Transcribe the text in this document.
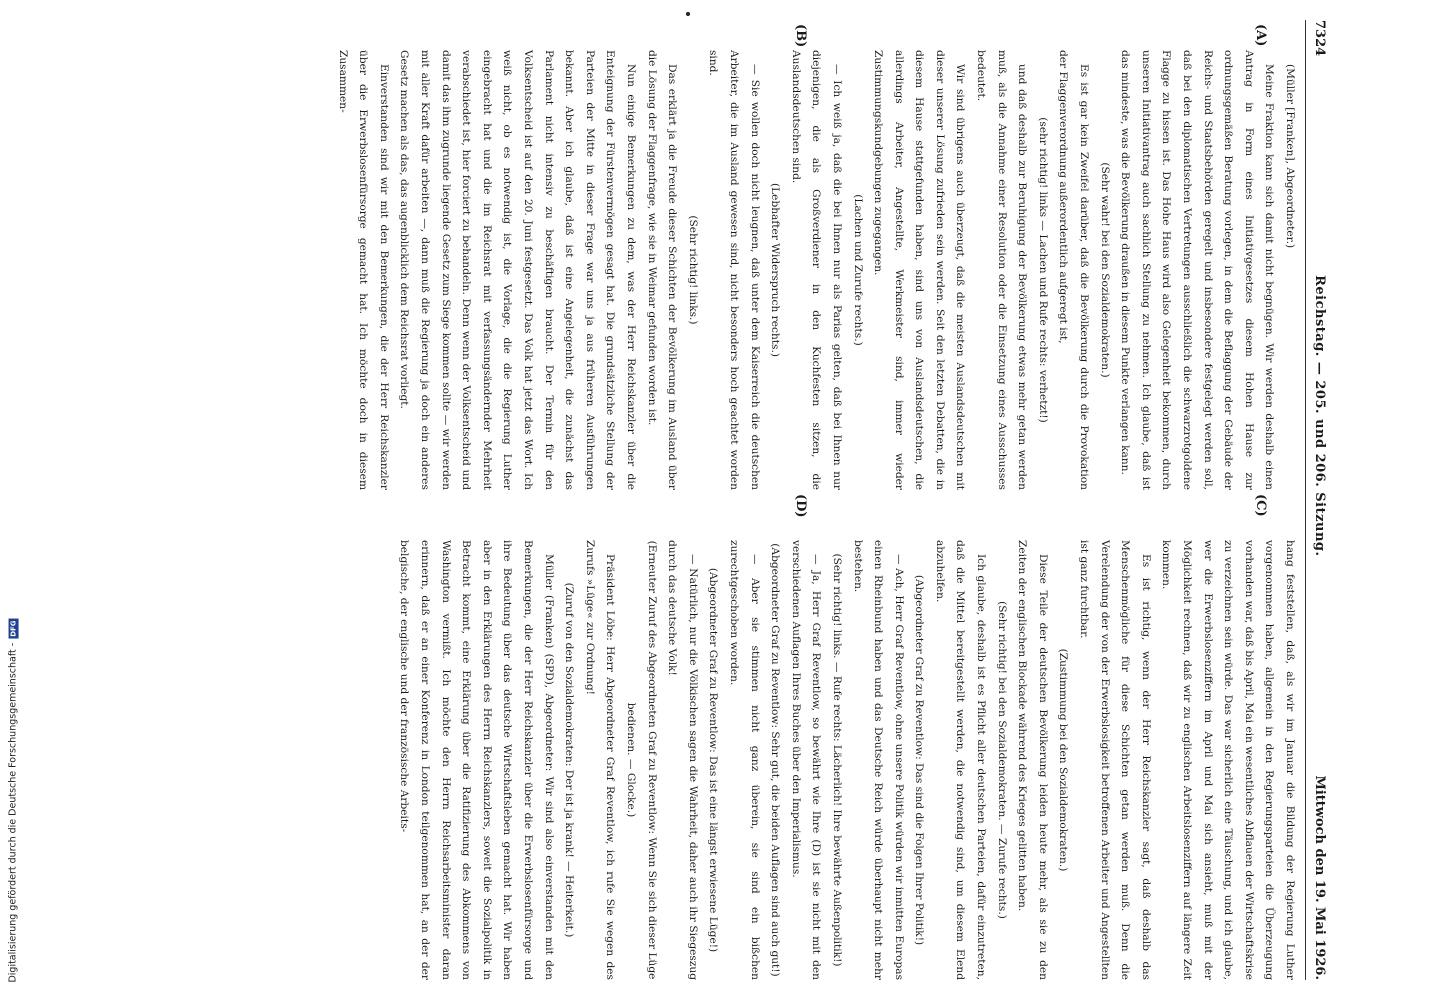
7324
Reichstag. — 205. und 206. Sitzung.
Mittwoch den 19. Mai 1926.
(A)
(B)
(C)
(D)

(Müller [Franken], Abgeordneter.)

Meine Fraktion kann sich damit nicht begnügen. Wir werden deshalb einen Antrag in Form eines Initiativgesetzes diesem Hohen Hause zur ordnungsgemäßen Beratung vorlegen, in dem die Beflaggung der Gebäude der Reichs- und Staatsbehörden geregelt und insbesondere festgelegt werden soll, daß bei den diplomatischen Vertretungen ausschließlich die schwarzrotgoldene Flagge zu hissen ist. Das Hohe Haus wird also Gelegenheit bekommen, durch unseren Initiativantrag auch sachlich Stellung zu nehmen. Ich glaube, daß ist das mindeste, was die Bevölkerung draußen in diesem Punkte verlangen kann.

(Sehr wahr! bei den Sozialdemokraten.)

Es ist gar kein Zweifel darüber, daß die Bevölkerung durch die Provokation der Flaggenverordnung außerordentlich aufgeregt ist,

(sehr richtig! links — Lachen und Rufe rechts: verhetzt!)

und daß deshalb zur Beruhigung der Bevölkerung etwas mehr getan werden muß, als die Annahme einer Resolution oder die Einsetzung eines Ausschusses bedeutet.

Wir sind übrigens auch überzeugt, daß die meisten Auslandsdeutschen mit dieser unserer Lösung zufrieden sein werden. Seit den letzten Debatten, die in diesem Hause stattgefunden haben, sind uns von Auslandsdeutschen, die allerdings Arbeiter, Angestellte, Werkmeister sind, immer wieder Zustimmungskundgebungen zugegangen.

(Lachen und Zurufe rechts.)

— Ich weiß ja, daß die bei Ihnen nur als Parias gelten, daß bei Ihnen nur diejenigen, die als Großverdiener in den Kuchfesten sitzen, die Auslandsdeutschen sind.

(Lebhafter Widerspruch rechts.)

— Sie wollen doch nicht leugnen, daß unter dem Kaiserreich die deutschen Arbeiter, die im Ausland gewesen sind, nicht besonders hoch geachtet worden sind.

(Sehr richtig! links.)

Das erklärt ja die Freude dieser Schichten der Bevölkerung im Ausland über die Lösung der Flaggenfrage, wie sie in Weimar gefunden worden ist.

Nun einige Bemerkungen zu dem, was der Herr Reichskanzler über die Enteignung der Fürstenvermögen gesagt hat. Die grundsätzliche Stellung der Parteien der Mitte in dieser Frage war uns ja aus früheren Ausführungen bekannt. Aber ich glaube, daß ist eine Angelegenheit, die zunächst das Parlament nicht intensiv zu beschäftigen braucht. Der Termin für den Volksentscheid ist auf den 20. Juni festgesetzt. Das Volk hat jetzt das Wort. Ich weiß nicht, ob es notwendig ist, die Vorlage, die die Regierung Luther eingebracht hat und die im Reichsrat mit verfassungsändernder Mehrheit verabschiedet ist, hier forciert zu behandeln. Denn wenn der Volksentscheid und damit das ihm zugrunde liegende Gesetz zum Siege kommen sollte — wir werden mit aller Kraft dafür arbeiten —, dann muß die Regierung ja doch ein anderes Gesetz machen als das, das augenblicklich dem Reichsrat vorliegt.

Einverstanden sind wir mit den Bemerkungen, die der Herr Reichskanzler über die Erwerbslosenfürsorge gemacht hat. Ich möchte doch in diesem Zusammen-

hang feststellen, daß, als wir im Januar die Bildung der Regierung Luther vorgenommen haben, allgemein in den Regierungsparteien die Überzeugung vorhanden war, daß bis April, Mai ein wesentliches Abflauen der Wirtschaftskrise zu verzeichnen sein würde. Das war sicherlich eine Täuschung, und ich glaube, wer die Erwerbslosenziffern im April und Mai sich ansieht, muß mit der Möglichkeit rechnen, daß wir zu englischen Arbeitslosenziffern auf längere Zeit kommen.

Es ist richtig, wenn der Herr Reichskanzler sagt, daß deshalb das Menschenmögliche für diese Schichten getan werden muß. Denn die Verelendung der von der Erwerbslosigkeit betroffenen Arbeiter und Angestellten ist ganz furchtbar.

(Zustimmung bei den Sozialdemokraten.)

Diese Teile der deutschen Bevölkerung leiden heute mehr, als sie zu den Zeiten der englischen Blockade während des Krieges gelitten haben.

(Sehr richtig! bei den Sozialdemokraten. — Zurufe rechts.)

Ich glaube, deshalb ist es Pflicht aller deutschen Parteien, dafür einzutreten, daß die Mittel bereitgestellt werden, die notwendig sind, um diesem Elend abzuhelfen.

(Abgeordneter Graf zu Reventlow: Das sind die Folgen Ihrer Politik!)

— Ach, Herr Graf Reventlow, ohne unsere Politik würden wir inmitten Europas einen Rheinbund haben und das Deutsche Reich würde überhaupt nicht mehr bestehen.

(Sehr richtig! links. — Rufe rechts: Lächerlich! Ihre bewährte Außenpolitik!)

— Ja, Herr Graf Reventlow, so bewährt wie Ihre (D) ist sie nicht mit den verschiedenen Auflagen Ihres Buches über den Imperialismus.

(Abgeordneter Graf zu Reventlow: Sehr gut, die beiden Auflagen sind auch gut!)

— Aber sie stimmen nicht ganz überein, sie sind ein bißchen zurechtgeschoben worden.

(Abgeordneter Graf zu Reventlow: Das ist eine längst erwiesene Lüge!)

— Natürlich, nur die Völkischen sagen die Wahrheit, daher auch ihr Siegeszug durch das deutsche Volk!

(Erneuter Zuruf des Abgeordneten Graf zu Reventlow: Wenn Sie sich dieser Lüge bedienen. — Glocke.)

Präsident Löbe: Herr Abgeordneter Graf Reventlow, ich rufe Sie wegen des Zurufs »Lüge« zur Ordnung!

(Zuruf von den Sozialdemokraten: Der ist ja krank! — Heiterkeit.)

Müller (Franken) (SPD), Abgeordneter: Wir sind also einverstanden mit den Bemerkungen, die der Herr Reichskanzler über die Erwerbslosenfürsorge und ihre Bedeutung über das deutsche Wirtschaftsleben gemacht hat. Wir haben aber in den Erklärungen des Herrn Reichskanzlers, soweit die Sozialpolitik in Betracht kommt, eine Erklärung über die Ratifizierung des Abkommens von Washington vermißt. Ich möchte den Herrn Reichsarbeitsminister daran erinnern, daß er an einer Konferenz in London teilgenommen hat, an der der belgische, der englische und der französische Arbeits-

Digitalisierung gefördert durch die Deutsche Forschungsgemeinschaft -
DFG
